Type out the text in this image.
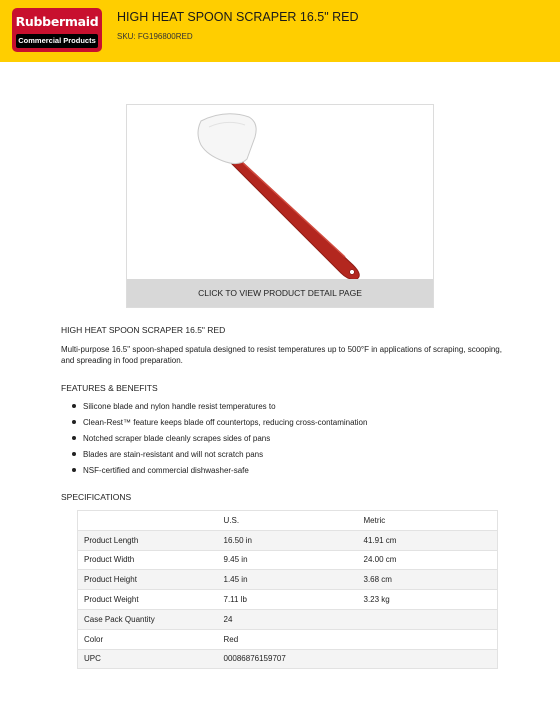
Rubbermaid
Commercial Products
HIGH HEAT SPOON SCRAPER 16.5" RED
SKU: FG196800RED
CLICK TO VIEW PRODUCT DETAIL PAGE
HIGH HEAT SPOON SCRAPER 16.5" RED
Multi-purpose 16.5" spoon-shaped spatula designed to resist temperatures up to 500°F in applications of scraping, scooping, and spreading in food preparation.
FEATURES & BENEFITS
Silicone blade and nylon handle resist temperatures to
Clean-Rest™ feature keeps blade off countertops, reducing cross-contamination
Notched scraper blade cleanly scrapes sides of pans
Blades are stain-resistant and will not scratch pans
NSF-certified and commercial dishwasher-safe
SPECIFICATIONS
	U.S.	Metric
Product Length	16.50 in	41.91 cm
Product Width	9.45 in	24.00 cm
Product Height	1.45 in	3.68 cm
Product Weight	7.11 lb	3.23 kg
Case Pack Quantity	24	
Color	Red	
UPC	00086876159707	
